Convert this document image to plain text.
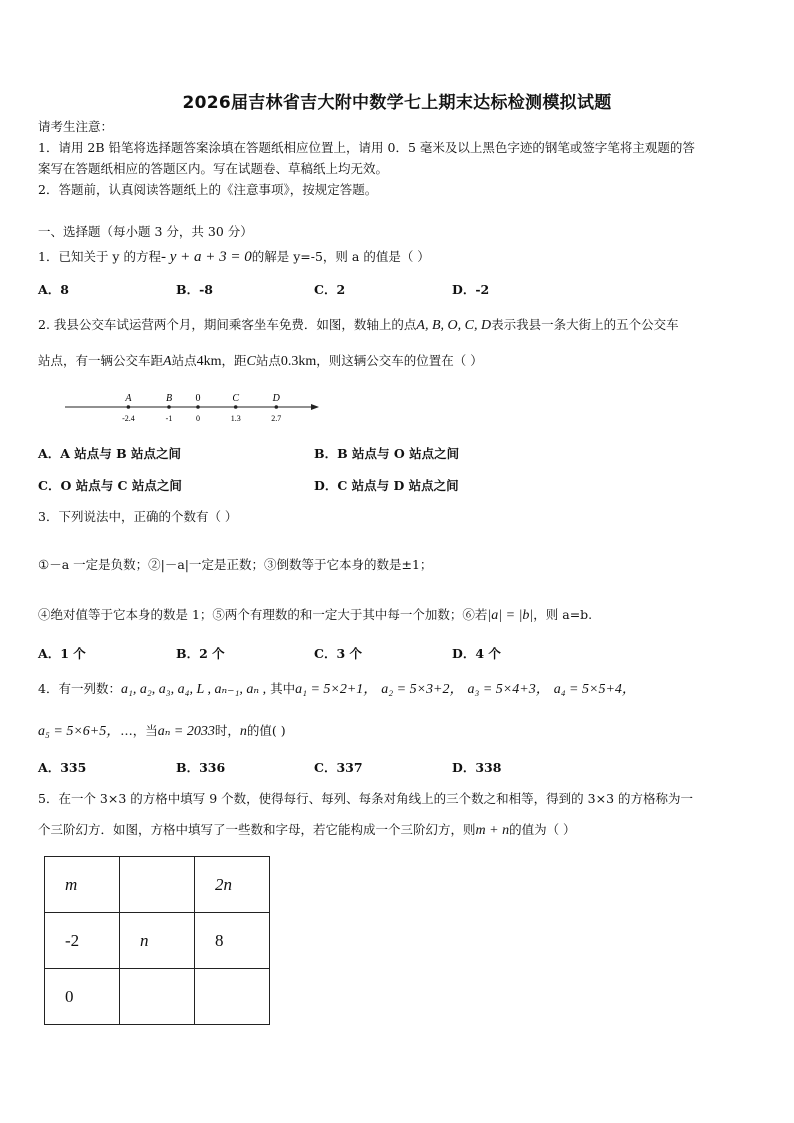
2026届吉林省吉大附中数学七上期末达标检测模拟试题
请考生注意：
1．请用 2B 铅笔将选择题答案涂填在答题纸相应位置上，请用 0．5 毫米及以上黑色字迹的钢笔或签字笔将主观题的答
案写在答题纸相应的答题区内。写在试题卷、草稿纸上均无效。
2．答题前，认真阅读答题纸上的《注意事项》，按规定答题。
一、选择题（每小题 3 分，共 30 分）
1．已知关于 y 的方程- y + a + 3 = 0的解是 y=-5，则 a 的值是（ ）
A．8	B．-8	C．2	D．-2
2. 我县公交车试运营两个月，期间乘客坐车免费．如图，数轴上的点A, B, O, C, D表示我县一条大街上的五个公交车
站点，有一辆公交车距A站点4km，距C站点0.3km，则这辆公交车的位置在（ ）
A
-2.4
B
-1
0
0
C
1.3
D
2.7
A．A 站点与 B 站点之间	B．B 站点与 O 站点之间
C．O 站点与 C 站点之间	D．C 站点与 D 站点之间
3．下列说法中，正确的个数有（ ）
①－a 一定是负数；②|－a|一定是正数；③倒数等于它本身的数是±1；
④绝对值等于它本身的数是 1；⑤两个有理数的和一定大于其中每一个加数；⑥若|a| = |b|，则 a=b.
A．1 个	B．2 个	C．3 个	D．4 个
4．有一列数：a₁, a₂, a₃, a₄, L , aₙ₋₁, aₙ , 其中a₁ = 5×2+1， a₂ = 5×3+2， a₃ = 5×4+3， a₄ = 5×5+4，
a₅ = 5×6+5，…，当aₙ = 2033时，n的值( )
A．335	B．336	C．337	D．338
5．在一个 3×3 的方格中填写 9 个数，使得每行、每列、每条对角线上的三个数之和相等，得到的 3×3 的方格称为一
个三阶幻方．如图，方格中填写了一些数和字母，若它能构成一个三阶幻方，则m + n的值为（ ）
m		2n
-2	n	8
0		
